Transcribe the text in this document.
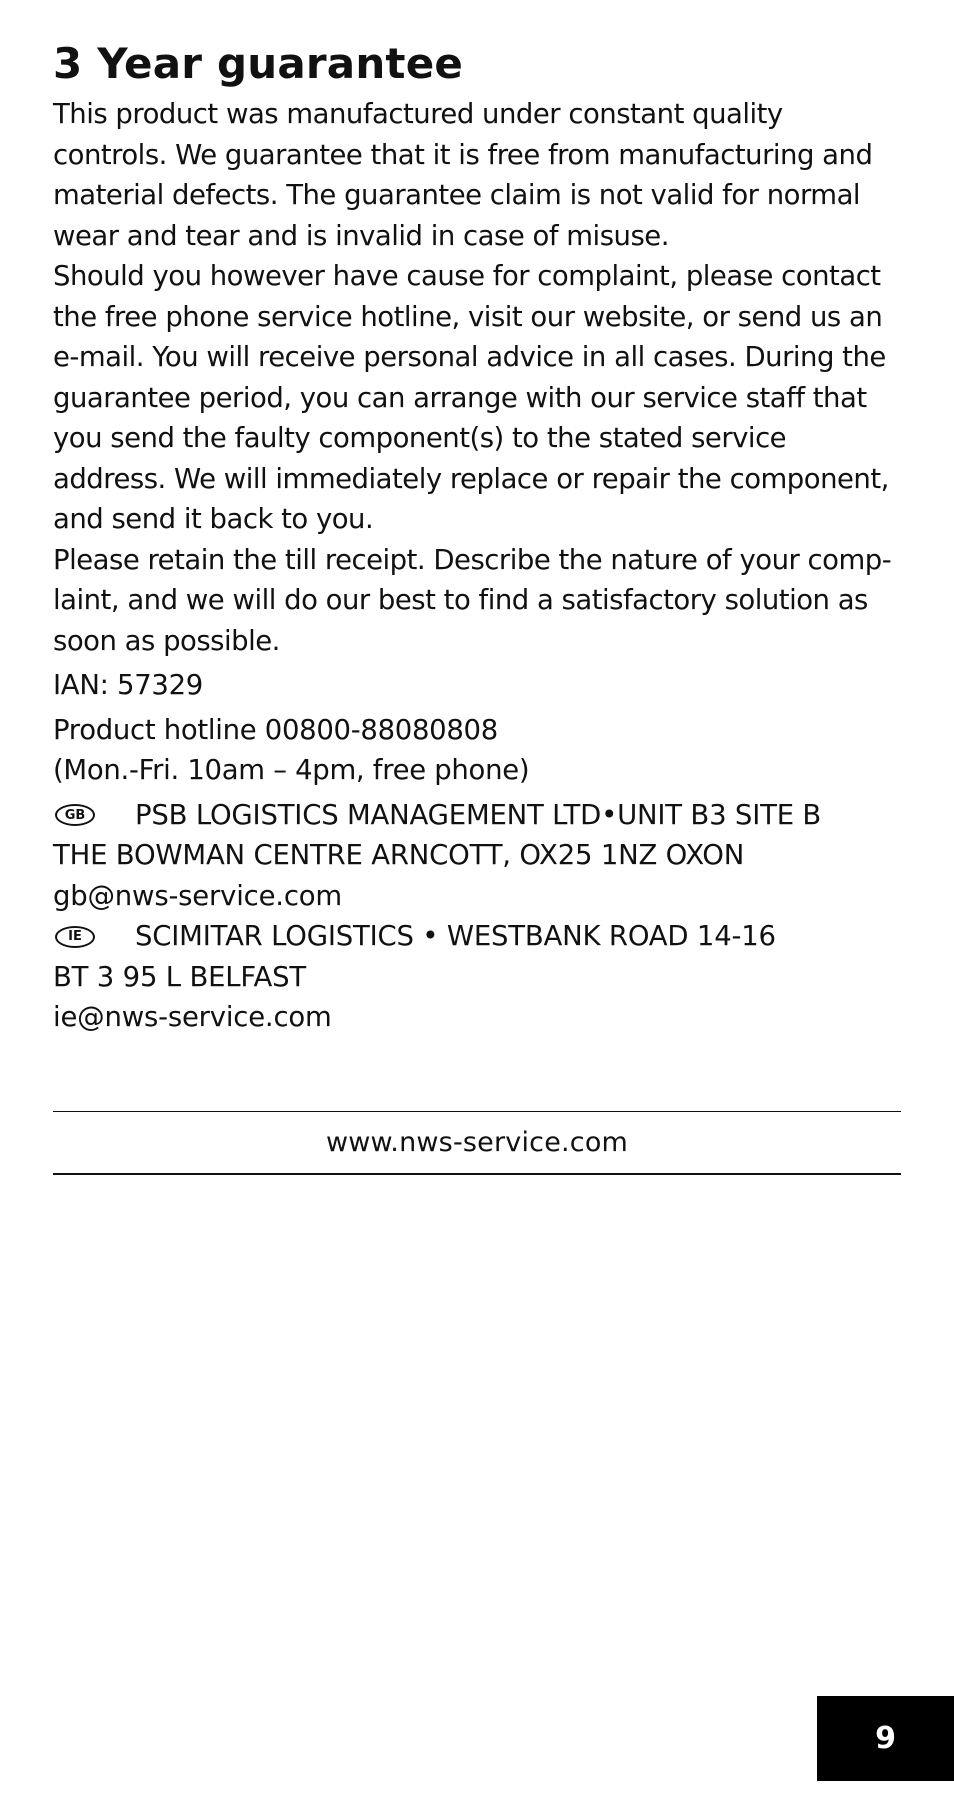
3 Year guarantee

This product was manufactured under constant quality controls. We guarantee that it is free from manufacturing and material defects. The guarantee claim is not valid for normal wear and tear and is invalid in case of misuse.

Should you however have cause for complaint, please contact the free phone service hotline, visit our website, or send us an e-mail. You will receive personal advice in all cases. During the guarantee period, you can arrange with our service staff that you send the faulty component(s) to the stated service address. We will immediately replace or repair the component, and send it back to you.

Please retain the till receipt. Describe the nature of your comp-laint, and we will do our best to find a satisfactory solution as soon as possible.

IAN: 57329
Product hotline 00800-88080808
(Mon.-Fri. 10am – 4pm, free phone)
GB	PSB LOGISTICS MANAGEMENT LTD•UNIT B3 SITE B
THE BOWMAN CENTRE ARNCOTT, OX25 1NZ OXON
gb@nws-service.com
IE	SCIMITAR LOGISTICS • WESTBANK ROAD 14-16
BT 3 95 L BELFAST
ie@nws-service.com
www.nws-service.com
9
